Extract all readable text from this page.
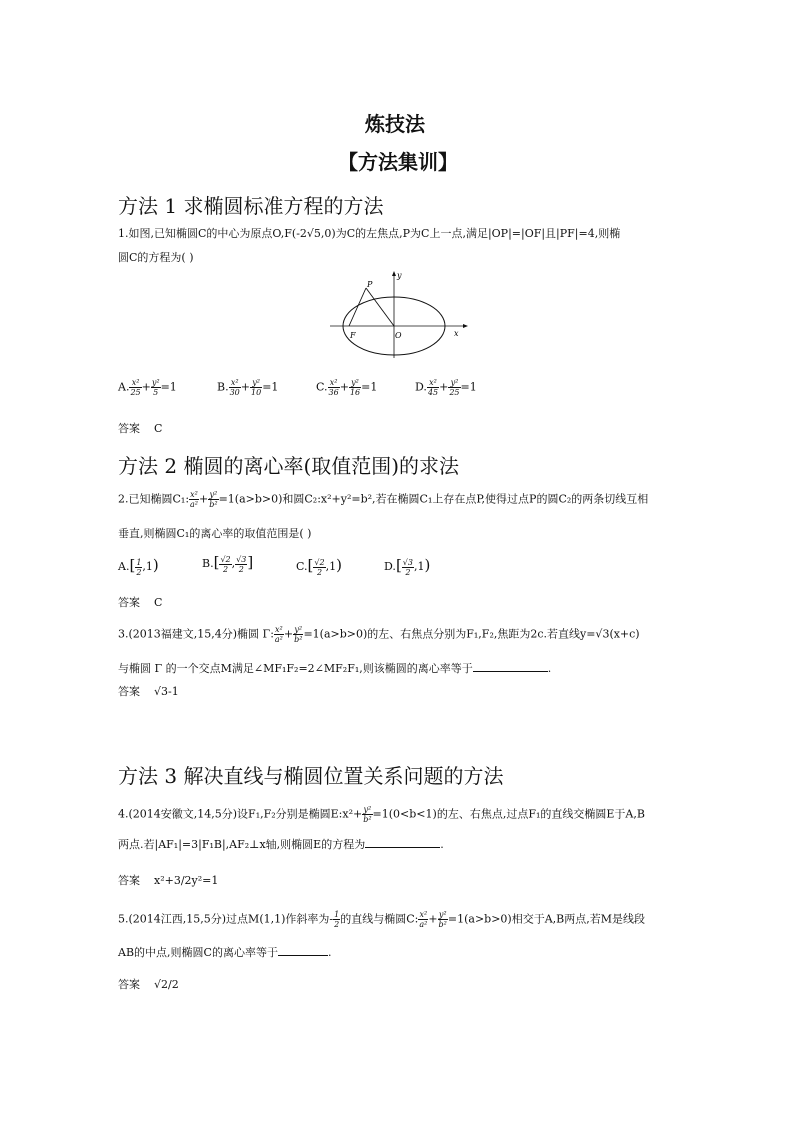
炼技法
【方法集训】
方法 1 求椭圆标准方程的方法
1.如图,已知椭圆C的中心为原点O,F(-2√5,0)为C的左焦点,P为C上一点,满足|OP|=|OF|且|PF|=4,则椭
圆C的方程为( )
P
F	O	x
y
A. $\frac{\text{x²}}{25} + \frac{\text{y²}}{5} =1$	B. $\frac{\text{x²}}{30} + \frac{\text{y²}}{10} =1$	C. $\frac{\text{x²}}{36} + \frac{\text{y²}}{16} =1$	D. $\frac{\text{x²}}{45} + \frac{\text{y²}}{25} =1$
答案 C
方法 2 椭圆的离心率(取值范围)的求法
2.已知椭圆C₁: $\frac{\text{x²}}{\text{a²}} + \frac{\text{y²}}{\text{b²}} =1(a>b>0)$和圆C₂:x²+y²=b²,若在椭圆C₁上存在点P,使得过点P的圆C₂的两条切线互相
垂直,则椭圆C₁的离心率的取值范围是( )
$A.[ \frac{1}{2} ,1)$	$B.[ \frac{√2}{2}$ , $\frac{√3}{2}$ ]	$C.[ \frac{√2}{2} ,1)$	$D.[ \frac{√3}{2} ,1)$
答案 C
3.(2013福建文,15,4分)椭圆 Γ: $\frac{\text{x²}}{\text{a²}} + \frac{\text{y²}}{\text{b²}} =1(a>b>0)$的左、右焦点分别为F₁,F₂,焦距为2c.若直线y=√3(x+c)
与椭圆 Γ 的一个交点M满足∠MF₁F₂=2∠MF₂F₁,则该椭圆的离心率等于	.
答案 √3-1
方法 3 解决直线与椭圆位置关系问题的方法
4.(2014安徽文,14,5分)设F₁,F₂分别是椭圆E:x²+ $\frac{\text{y²}}{\text{b²}} =1(0<b<1)$的左、右焦点,过点F₁的直线交椭圆E于A,B
两点.若|AF₁|=3|F₁B|,AF₂⊥x轴,则椭圆E的方程为	.
答案 x²+3/2y²=1
5.(2014江西,15,5分)过点M(1,1)作斜率为- $\frac{1}{2}$ 的直线与椭圆C: $\frac{\text{x²}}{\text{a²}} + \frac{\text{y²}}{\text{b²}} =1(a>b>0)$相交于A,B两点,若M是线段
AB的中点,则椭圆C的离心率等于	.
答案 √2/2
